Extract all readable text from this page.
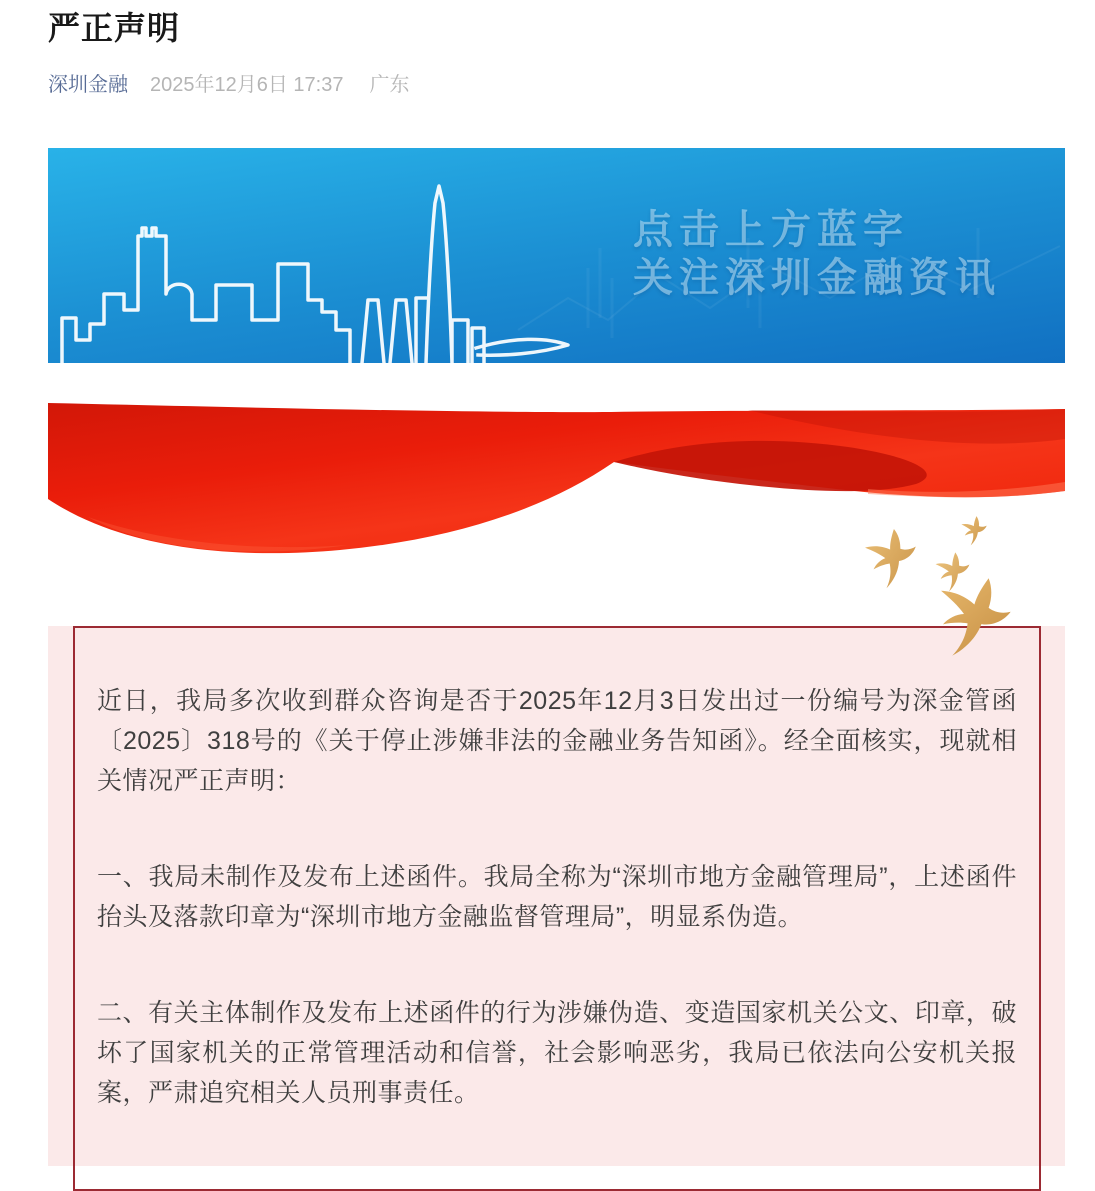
严正声明
深圳金融 2025年12月6日 17:37 广东
点击上方蓝字
关注深圳金融资讯

近日，我局多次收到群众咨询是否于2025年12月3日发出过一份编号为深金管函〔2025〕318号的《关于停止涉嫌非法的金融业务告知函》。经全面核实，现就相关情况严正声明：

一、我局未制作及发布上述函件。我局全称为“深圳市地方金融管理局”，上述函件抬头及落款印章为“深圳市地方金融监督管理局”，明显系伪造。

二、有关主体制作及发布上述函件的行为涉嫌伪造、变造国家机关公文、印章，破坏了国家机关的正常管理活动和信誉，社会影响恶劣，我局已依法向公安机关报案，严肃追究相关人员刑事责任。
